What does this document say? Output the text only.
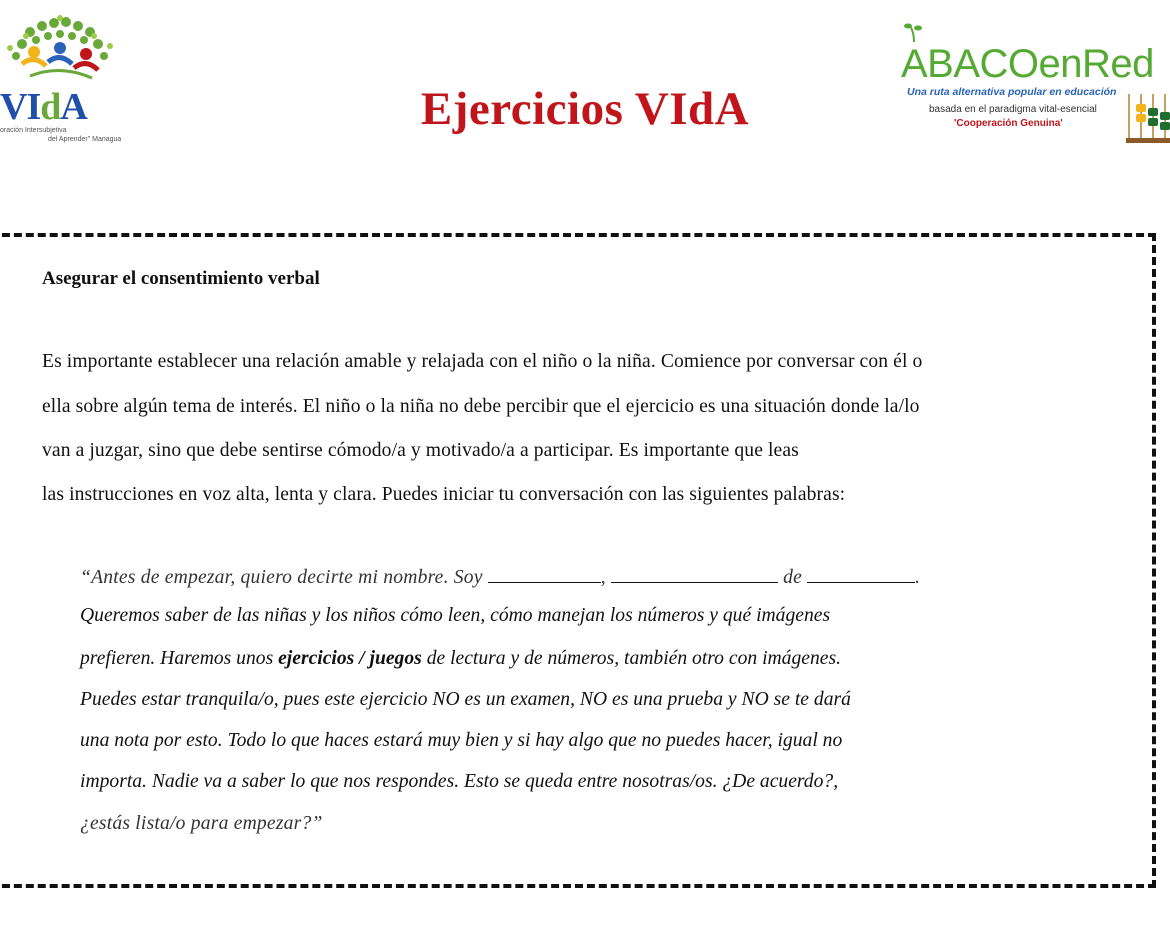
VIdA
oración Intersubjetiva
del Aprender" Managua
Ejercicios VIdA
ABACOenRed
Una ruta alternativa popular en educación
basada en el paradigma vital-esencial
'Cooperación Genuina'
Asegurar el consentimiento verbal
Es importante establecer una relación amable y relajada con el niño o la niña. Comience por conversar con él o
ella sobre algún tema de interés. El niño o la niña no debe percibir que el ejercicio es una situación donde la/lo
van a juzgar, sino que debe sentirse cómodo/a y motivado/a a participar. Es importante que leas
las instrucciones en voz alta, lenta y clara. Puedes iniciar tu conversación con las siguientes palabras:
“Antes de empezar, quiero decirte mi nombre. Soy	,	de	.
Queremos saber de las niñas y los niños cómo leen, cómo manejan los números y qué imágenes
prefieren. Haremos unos ejercicios / juegos de lectura y de números, también otro con imágenes.
Puedes estar tranquila/o, pues este ejercicio NO es un examen, NO es una prueba y NO se te dará
una nota por esto. Todo lo que haces estará muy bien y si hay algo que no puedes hacer, igual no
importa. Nadie va a saber lo que nos respondes. Esto se queda entre nosotras/os. ¿De acuerdo?,
¿estás lista/o para empezar?”
